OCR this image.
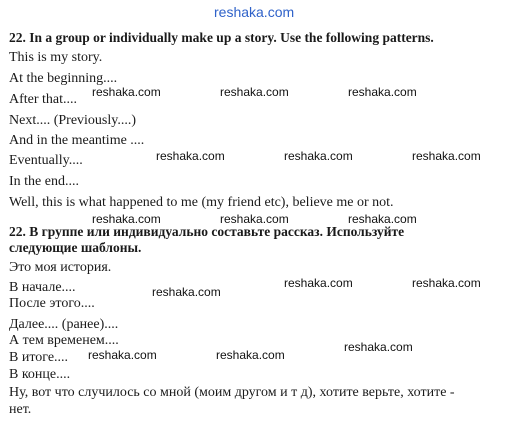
reshaka.com
22. In a group or individually make up a story. Use the following patterns.
This is my story.
At the beginning....
After that....
Next.... (Previously....)
And in the meantime ....
Eventually....
In the end....
Well, this is what happened to me (my friend etc), believe me or not.
22. В группе или индивидуально составьте рассказ. Используйте
следующие шаблоны.
Это моя история.
В начале....
После этого....
Далее.... (ранее)....
А тем временем....
В итоге....
В конце....
Ну, вот что случилось со мной (моим другом и т д), хотите верьте, хотите -
нет.
reshaka.com	reshaka.com	reshaka.com
reshaka.com	reshaka.com	reshaka.com
reshaka.com	reshaka.com	reshaka.com
reshaka.com	reshaka.com
reshaka.com
reshaka.com
reshaka.com	reshaka.com
